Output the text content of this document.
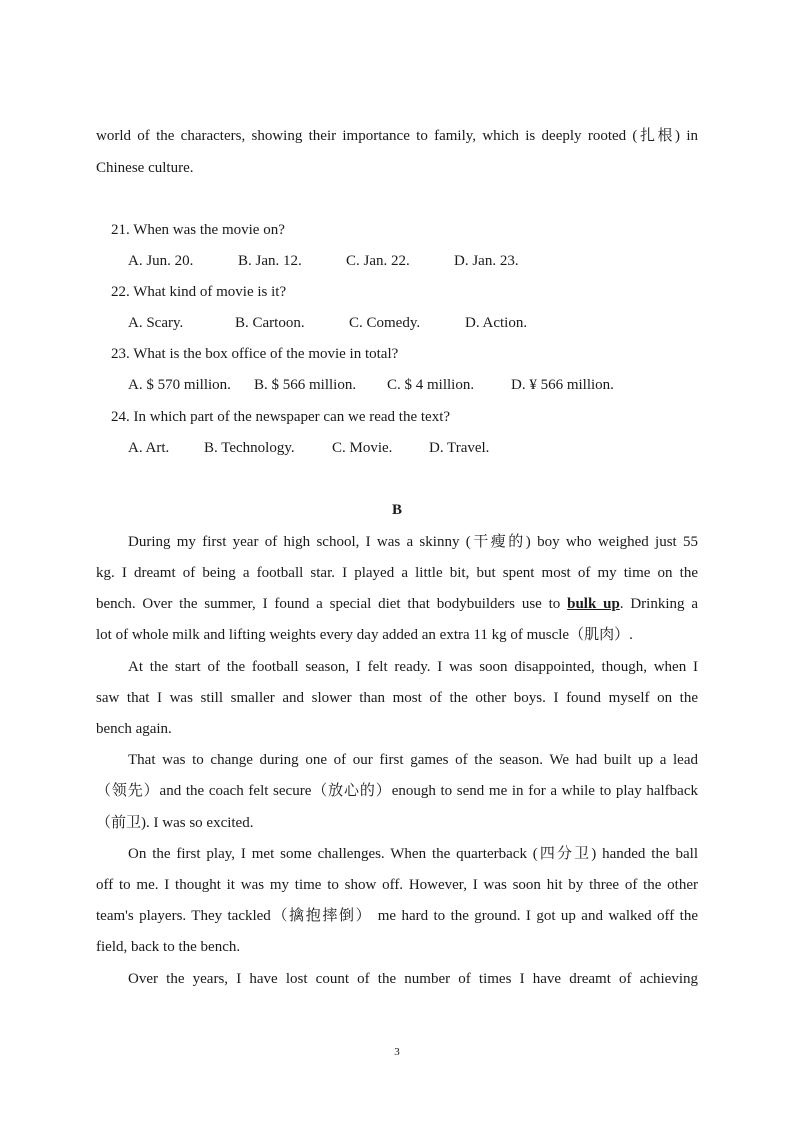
world of the characters, showing their importance to family, which is deeply rooted (扎根) in
Chinese culture.
21. When was the movie on?
A. Jun. 20.	B. Jan. 12.	C. Jan. 22.	D. Jan. 23.
22. What kind of movie is it?
A. Scary.	B. Cartoon.	C. Comedy.	D. Action.
23. What is the box office of the movie in total?
A. $ 570 million. B. $ 566 million. C. $ 4 million. D. ¥ 566 million.
24. In which part of the newspaper can we read the text?
A. Art. B. Technology. C. Movie. D. Travel.
B
During my first year of high school, I was a skinny (干瘦的) boy who weighed just 55
kg. I dreamt of being a football star. I played a little bit, but spent most of my time on the
bench. Over the summer, I found a special diet that bodybuilders use to bulk up. Drinking a
lot of whole milk and lifting weights every day added an extra 11 kg of muscle（肌肉）.
At the start of the football season, I felt ready. I was soon disappointed, though, when I
saw that I was still smaller and slower than most of the other boys. I found myself on the
bench again.
That was to change during one of our first games of the season. We had built up a lead
（领先）and the coach felt secure（放心的）enough to send me in for a while to play halfback
（前卫). I was so excited.
On the first play, I met some challenges. When the quarterback (四分卫) handed the ball
off to me. I thought it was my time to show off. However, I was soon hit by three of the other
team's players. They tackled（擒抱摔倒） me hard to the ground. I got up and walked off the
field, back to the bench.
Over the years, I have lost count of the number of times I have dreamt of achieving
3
